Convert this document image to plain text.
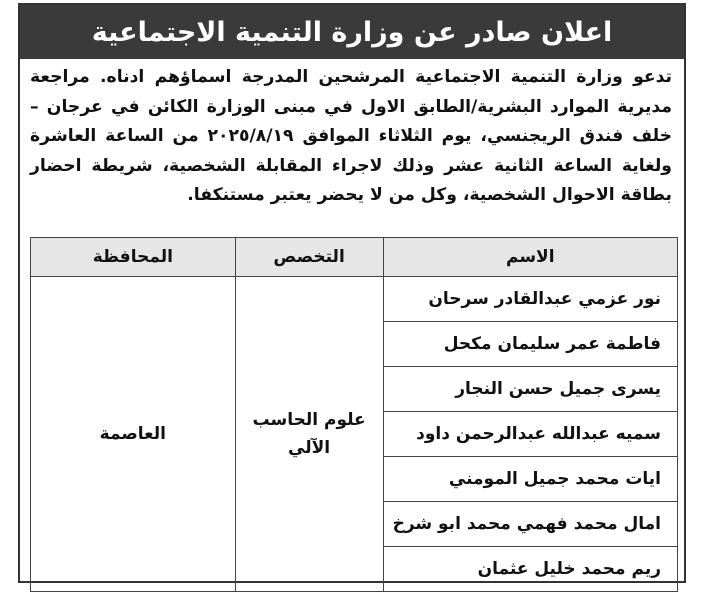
اعلان صادر عن وزارة التنمية الاجتماعية
تدعو وزارة التنمية الاجتماعية المرشحين المدرجة اسماؤهم ادناه. مراجعة مديرية الموارد البشرية/الطابق الاول في مبنى الوزارة الكائن في عرجان – خلف فندق الريجنسي، يوم الثلاثاء الموافق ٢٠٢٥/٨/١٩ من الساعة العاشرة ولغاية الساعة الثانية عشر وذلك لاجراء المقابلة الشخصية، شريطة احضار بطاقة الاحوال الشخصية، وكل من لا يحضر يعتبر مستنكفا.
الاسم	التخصص	المحافظة
نور عزمي عبدالقادر سرحان	علوم الحاسب الآلي	العاصمة
فاطمة عمر سليمان مكحل		
يسرى جميل حسن النجار		
سميه عبدالله عبدالرحمن داود		
ايات محمد جميل المومني		
امال محمد فهمي محمد ابو شرخ		
ريم محمد خليل عثمان		
